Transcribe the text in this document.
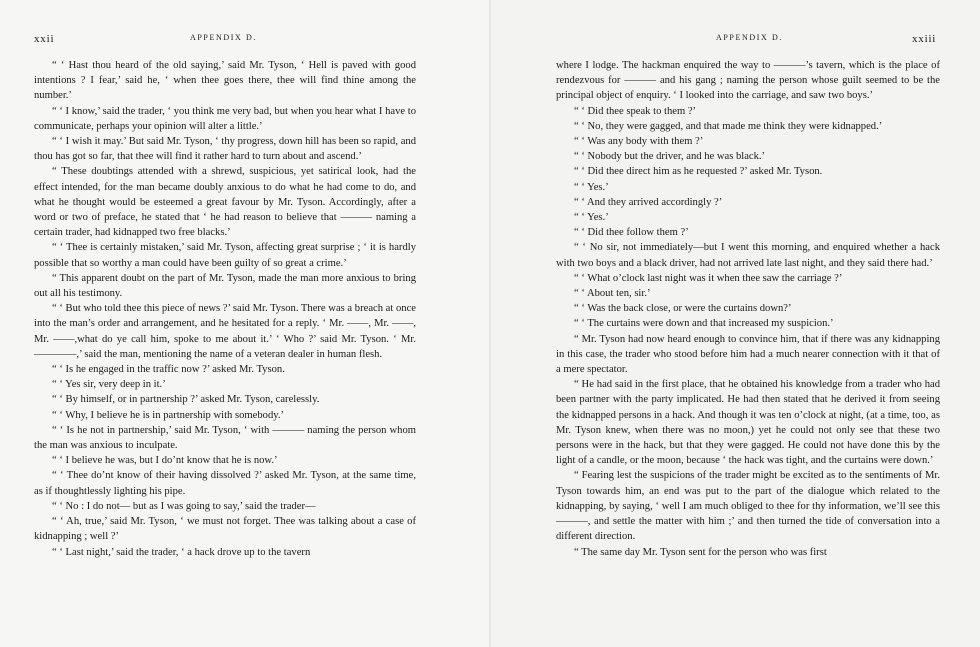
xxii	APPENDIX D.	APPENDIX D.	xxiii

“ ‘ Hast thou heard of the old saying,’ said Mr. Tyson, ‘ Hell is paved with good intentions ? I fear,’ said he, ‘ when thee goes there, thee will find thine among the number.’

“ ‘ I know,’ said the trader, ‘ you think me very bad, but when you hear what I have to communicate, perhaps your opinion will alter a little.’

“ ‘ I wish it may.’ But said Mr. Tyson, ‘ thy progress, down hill has been so rapid, and thou has got so far, that thee will find it rather hard to turn about and ascend.’

“ These doubtings attended with a shrewd, suspicious, yet satirical look, had the effect intended, for the man became doubly anxious to do what he had come to do, and what he thought would be esteemed a great favour by Mr. Tyson. Accordingly, after a word or two of preface, he stated that ‘ he had reason to believe that ——— naming a certain trader, had kidnapped two free blacks.’

“ ‘ Thee is certainly mistaken,’ said Mr. Tyson, affecting great surprise ; ‘ it is hardly possible that so worthy a man could have been guilty of so great a crime.’

“ This apparent doubt on the part of Mr. Tyson, made the man more anxious to bring out all his testimony.

“ ‘ But who told thee this piece of news ?’ said Mr. Tyson. There was a breach at once into the man’s order and arrangement, and he hesitated for a reply. ‘ Mr. ——, Mr. ——, Mr. ——,what do ye call him, spoke to me about it.’ ‘ Who ?’ said Mr. Tyson. ‘ Mr. ————,’ said the man, mentioning the name of a veteran dealer in human flesh.

“ ‘ Is he engaged in the traffic now ?’ asked Mr. Tyson.

“ ‘ Yes sir, very deep in it.’

“ ‘ By himself, or in partnership ?’ asked Mr. Tyson, carelessly.

“ ‘ Why, I believe he is in partnership with somebody.’

“ ‘ Is he not in partnership,’ said Mr. Tyson, ‘ with ——— naming the person whom the man was anxious to inculpate.

“ ‘ I believe he was, but I do’nt know that he is now.’

“ ‘ Thee do’nt know of their having dissolved ?’ asked Mr. Tyson, at the same time, as if thoughtlessly lighting his pipe.

“ ‘ No : I do not— but as I was going to say,’ said the trader—

“ ‘ Ah, true,’ said Mr. Tyson, ‘ we must not forget. Thee was talking about a case of kidnapping ; well ?’

“ ‘ Last night,’ said the trader, ‘ a hack drove up to the tavern

where I lodge. The hackman enquired the way to ———’s tavern, which is the place of rendezvous for ——— and his gang ; naming the person whose guilt seemed to be the principal object of enquiry. ‘ I looked into the carriage, and saw two boys.’

“ ‘ Did thee speak to them ?’

“ ‘ No, they were gagged, and that made me think they were kidnapped.’

“ ‘ Was any body with them ?’

“ ‘ Nobody but the driver, and he was black.’

“ ‘ Did thee direct him as he requested ?’ asked Mr. Tyson.

“ ‘ Yes.’

“ ‘ And they arrived accordingly ?’

“ ‘ Yes.’

“ ‘ Did thee follow them ?’

“ ‘ No sir, not immediately—but I went this morning, and enquired whether a hack with two boys and a black driver, had not arrived late last night, and they said there had.’

“ ‘ What o’clock last night was it when thee saw the carriage ?’

“ ‘ About ten, sir.’

“ ‘ Was the back close, or were the curtains down?’

“ ‘ The curtains were down and that increased my suspicion.’

“ Mr. Tyson had now heard enough to convince him, that if there was any kidnapping in this case, the trader who stood before him had a much nearer connection with it that of a mere spectator.

“ He had said in the first place, that he obtained his knowledge from a trader who had been partner with the party implicated. He had then stated that he derived it from seeing the kidnapped persons in a hack. And though it was ten o’clock at night, (at a time, too, as Mr. Tyson knew, when there was no moon,) yet he could not only see that these two persons were in the hack, but that they were gagged. He could not have done this by the light of a candle, or the moon, because ‘ the hack was tight, and the curtains were down.’

“ Fearing lest the suspicions of the trader might be excited as to the sentiments of Mr. Tyson towards him, an end was put to the part of the dialogue which related to the kidnapping, by saying, ‘ well I am much obliged to thee for thy information, we’ll see this ———, and settle the matter with him ;’ and then turned the tide of conversation into a different direction.

“ The same day Mr. Tyson sent for the person who was first
